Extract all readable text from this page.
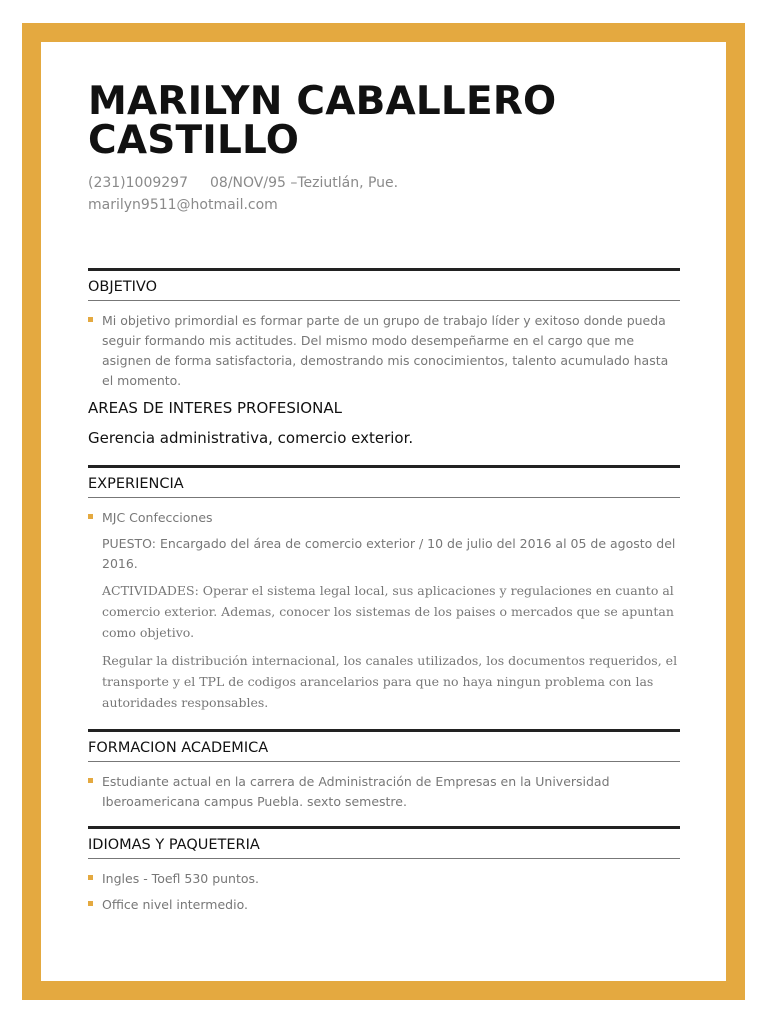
MARILYN CABALLERO
CASTILLO
(231)1009297 08/NOV/95 –Teziutlán, Pue.
marilyn9511@hotmail.com
OBJETIVO
Mi objetivo primordial es formar parte de un grupo de trabajo líder y exitoso donde pueda seguir formando mis actitudes. Del mismo modo desempeñarme en el cargo que me asignen de forma satisfactoria, demostrando mis conocimientos, talento acumulado hasta el momento.
AREAS DE INTERES PROFESIONAL
Gerencia administrativa, comercio exterior.
EXPERIENCIA
MJC Confecciones
PUESTO: Encargado del área de comercio exterior / 10 de julio del 2016 al 05 de agosto del 2016.
ACTIVIDADES: Operar el sistema legal local, sus aplicaciones y regulaciones en cuanto al comercio exterior. Ademas, conocer los sistemas de los paises o mercados que se apuntan como objetivo.
Regular la distribución internacional, los canales utilizados, los documentos requeridos, el transporte y el TPL de codigos arancelarios para que no haya ningun problema con las autoridades responsables.
FORMACION ACADEMICA
Estudiante actual en la carrera de Administración de Empresas en la Universidad Iberoamericana campus Puebla. sexto semestre.
IDIOMAS Y PAQUETERIA
Ingles - Toefl 530 puntos.
Office nivel intermedio.
